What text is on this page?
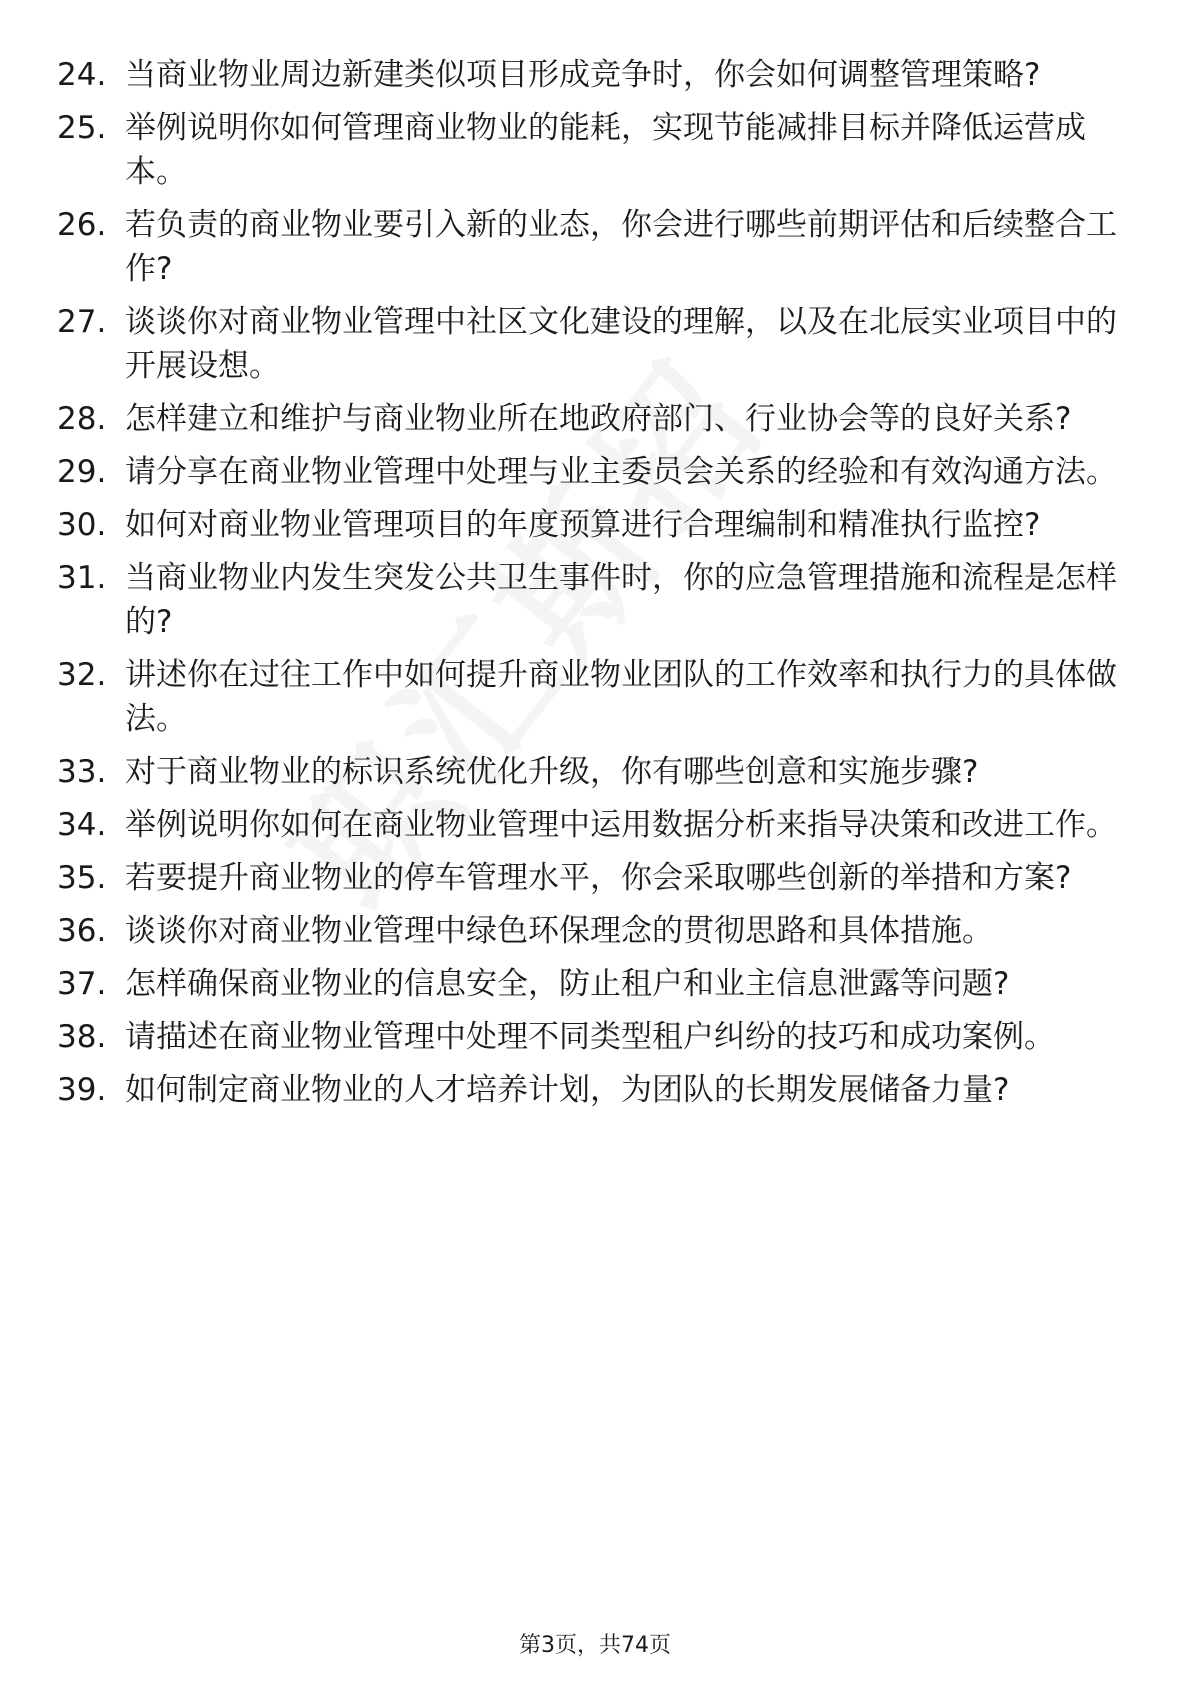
24. 当商业物业周边新建类似项目形成竞争时，你会如何调整管理策略?
25. 举例说明你如何管理商业物业的能耗，实现节能减排目标并降低运营成本。
26. 若负责的商业物业要引入新的业态，你会进行哪些前期评估和后续整合工作?
27. 谈谈你对商业物业管理中社区文化建设的理解，以及在北辰实业项目中的开展设想。
28. 怎样建立和维护与商业物业所在地政府部门、行业协会等的良好关系?
29. 请分享在商业物业管理中处理与业主委员会关系的经验和有效沟通方法。
30. 如何对商业物业管理项目的年度预算进行合理编制和精准执行监控?
31. 当商业物业内发生突发公共卫生事件时，你的应急管理措施和流程是怎样的?
32. 讲述你在过往工作中如何提升商业物业团队的工作效率和执行力的具体做法。
33. 对于商业物业的标识系统优化升级，你有哪些创意和实施步骤?
34. 举例说明你如何在商业物业管理中运用数据分析来指导决策和改进工作。
35. 若要提升商业物业的停车管理水平，你会采取哪些创新的举措和方案?
36. 谈谈你对商业物业管理中绿色环保理念的贯彻思路和具体措施。
37. 怎样确保商业物业的信息安全，防止租户和业主信息泄露等问题?
38. 请描述在商业物业管理中处理不同类型租户纠纷的技巧和成功案例。
39. 如何制定商业物业的人才培养计划，为团队的长期发展储备力量?
第3页，共74页
